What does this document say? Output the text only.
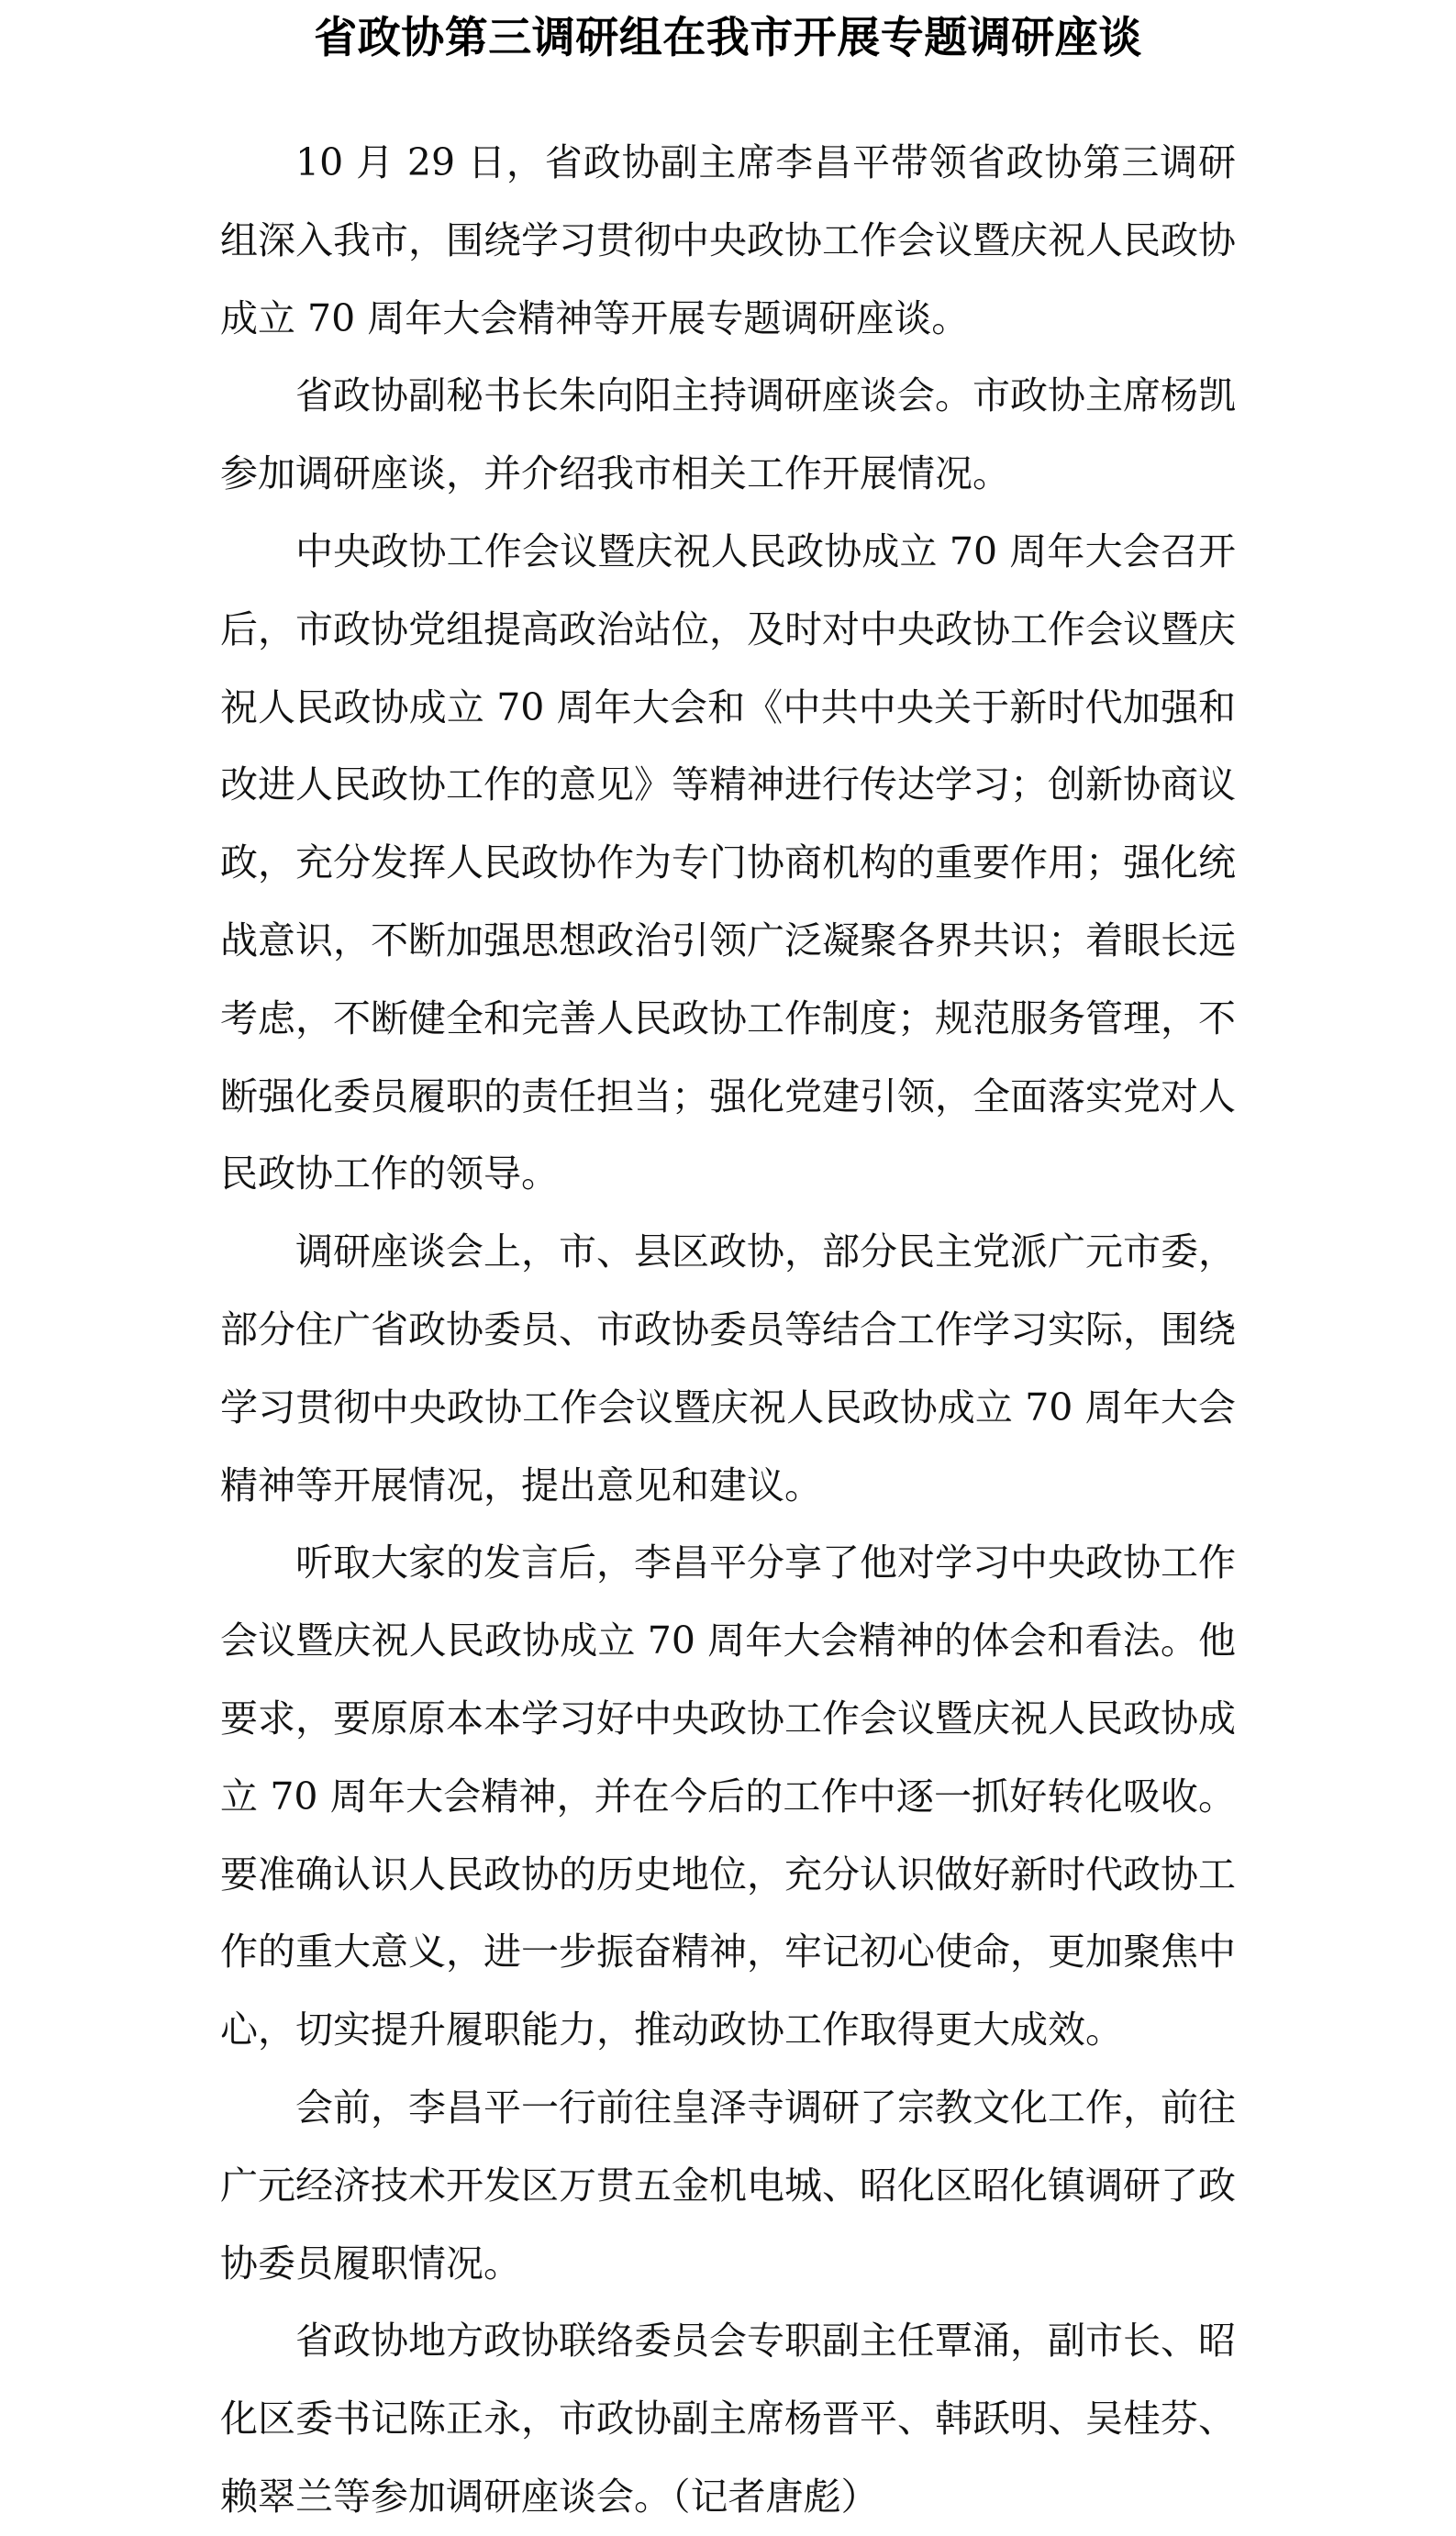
省政协第三调研组在我市开展专题调研座谈

10 月 29 日，省政协副主席李昌平带领省政协第三调研组深入我市，围绕学习贯彻中央政协工作会议暨庆祝人民政协成立 70 周年大会精神等开展专题调研座谈。

省政协副秘书长朱向阳主持调研座谈会。市政协主席杨凯参加调研座谈，并介绍我市相关工作开展情况。

中央政协工作会议暨庆祝人民政协成立 70 周年大会召开后，市政协党组提高政治站位，及时对中央政协工作会议暨庆祝人民政协成立 70 周年大会和《中共中央关于新时代加强和改进人民政协工作的意见》等精神进行传达学习；创新协商议政，充分发挥人民政协作为专门协商机构的重要作用；强化统战意识，不断加强思想政治引领广泛凝聚各界共识；着眼长远考虑，不断健全和完善人民政协工作制度；规范服务管理，不断强化委员履职的责任担当；强化党建引领，全面落实党对人民政协工作的领导。

调研座谈会上，市、县区政协，部分民主党派广元市委，部分住广省政协委员、市政协委员等结合工作学习实际，围绕学习贯彻中央政协工作会议暨庆祝人民政协成立 70 周年大会精神等开展情况，提出意见和建议。

听取大家的发言后，李昌平分享了他对学习中央政协工作会议暨庆祝人民政协成立 70 周年大会精神的体会和看法。他要求，要原原本本学习好中央政协工作会议暨庆祝人民政协成立 70 周年大会精神，并在今后的工作中逐一抓好转化吸收。要准确认识人民政协的历史地位，充分认识做好新时代政协工作的重大意义，进一步振奋精神，牢记初心使命，更加聚焦中心，切实提升履职能力，推动政协工作取得更大成效。

会前，李昌平一行前往皇泽寺调研了宗教文化工作，前往广元经济技术开发区万贯五金机电城、昭化区昭化镇调研了政协委员履职情况。

省政协地方政协联络委员会专职副主任覃涌，副市长、昭化区委书记陈正永，市政协副主席杨晋平、韩跃明、吴桂芬、赖翠兰等参加调研座谈会。（记者唐彪）
